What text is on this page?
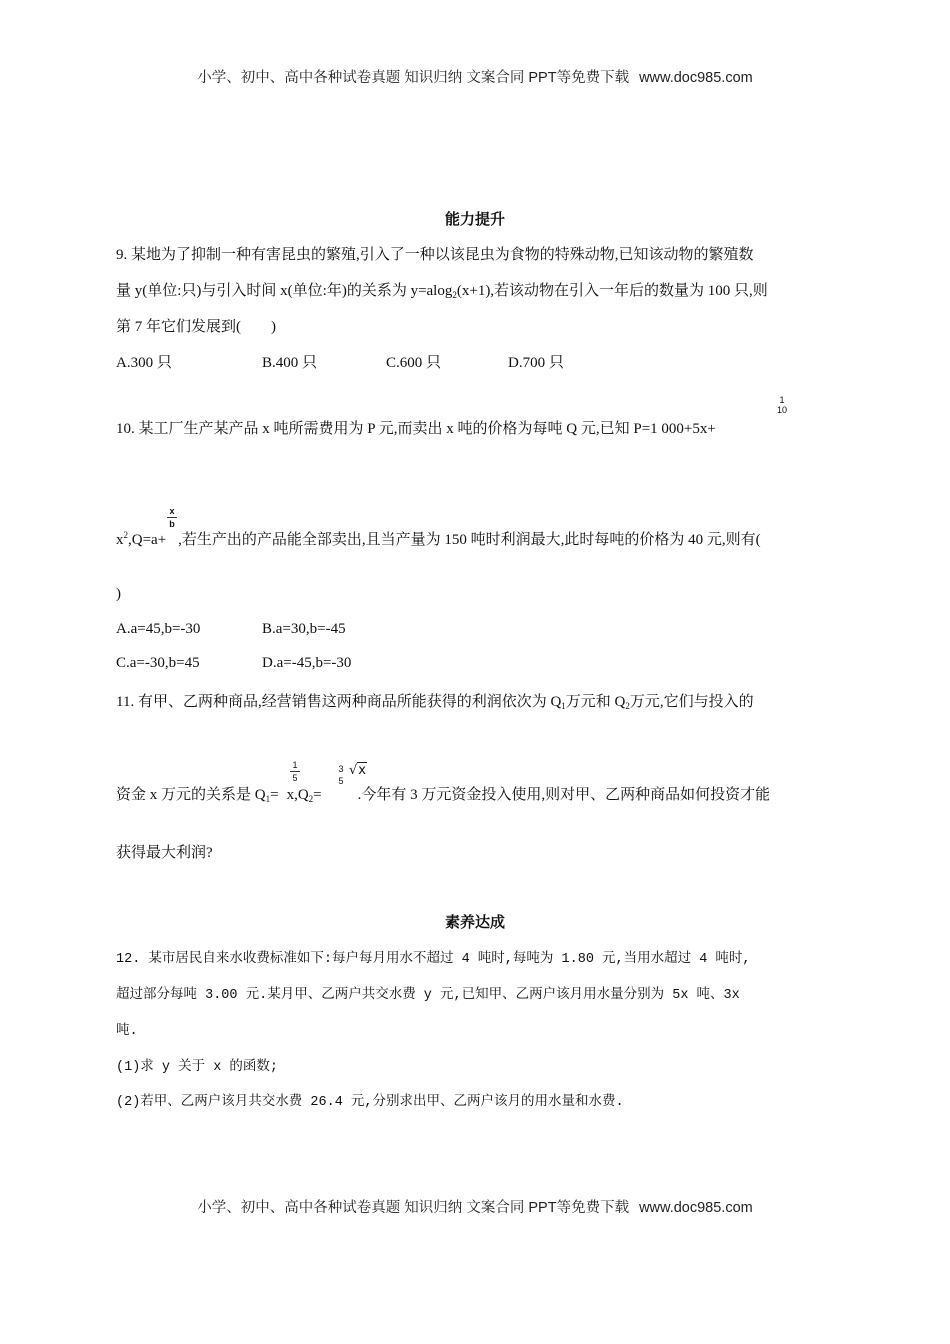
小学、初中、高中各种试卷真题 知识归纳 文案合同 PPT等免费下载 www.doc985.com
能力提升
9. 某地为了抑制一种有害昆虫的繁殖,引入了一种以该昆虫为食物的特殊动物,已知该动物的繁殖数
量 y(单位:只)与引入时间 x(单位:年)的关系为 y=alog$_2$(x+1),若该动物在引入一年后的数量为 100 只,则
第 7 年它们发展到(　　)
A.300 只	B.400 只	C.600 只	D.700 只
10. 某工厂生产某产品 x 吨所需费用为 P 元,而卖出 x 吨的价格为每吨 Q 元,已知 P=1 000+5x+
1 10
$x^2,Q=a+$ ,若生产出的产品能全部卖出,且当产量为 150 吨时利润最大,此时每吨的价格为 40 元,则有(
x
b
)
A.a=45,b=-30	B.a=30,b=-45
C.a=-30,b=45	D.a=-45,b=-30
11. 有甲、乙两种商品,经营销售这两种商品所能获得的利润依次为 $Q_1$万元和 $Q_2$万元,它们与投入的
资金 x 万元的关系是 $Q_1= x,Q_2=$ .今年有 3 万元资金投入使用,则对甲、乙两种商品如何投资才能
1
5
3 5
√x
获得最大利润?
素养达成
12. 某市居民自来水收费标准如下:每户每月用水不超过 4 吨时,每吨为 1.80 元,当用水超过 4 吨时,
超过部分每吨 3.00 元.某月甲、乙两户共交水费 y 元,已知甲、乙两户该月用水量分别为 5x 吨、3x
吨.
(1)求 y 关于 x 的函数;
(2)若甲、乙两户该月共交水费 26.4 元,分别求出甲、乙两户该月的用水量和水费.
小学、初中、高中各种试卷真题 知识归纳 文案合同 PPT等免费下载 www.doc985.com
